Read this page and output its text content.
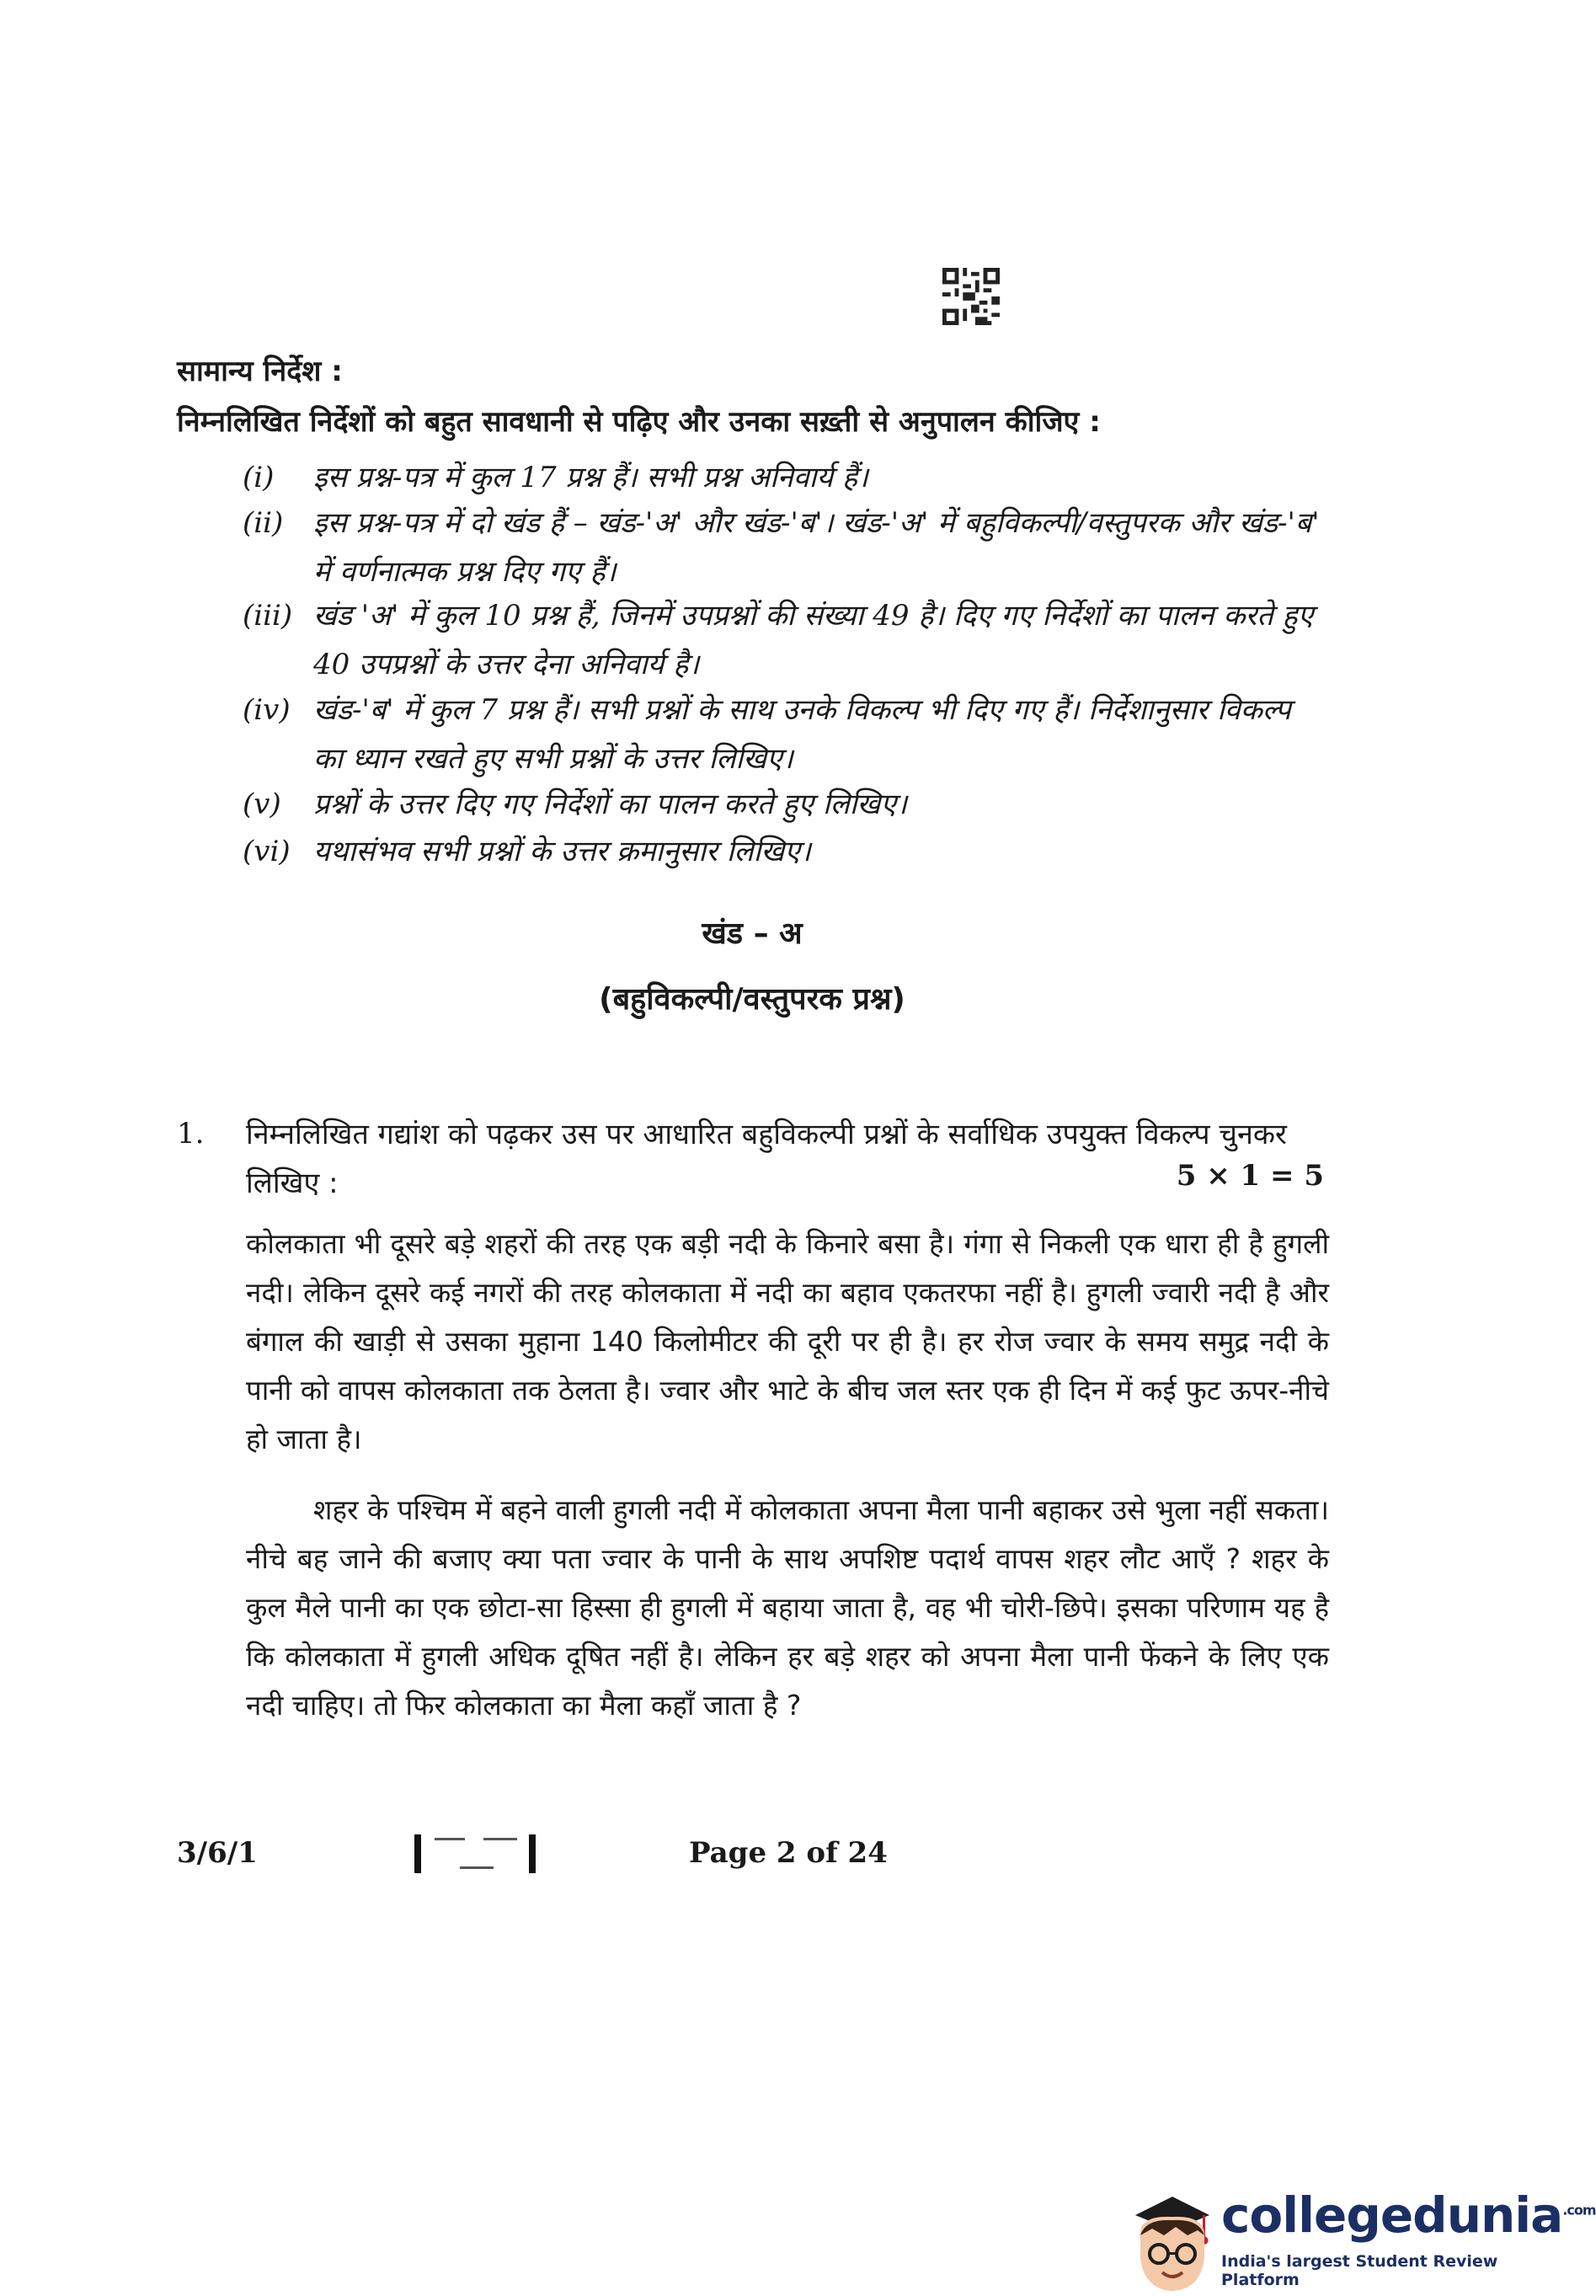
सामान्य निर्देश :
निम्नलिखित निर्देशों को बहुत सावधानी से पढ़िए और उनका सख़्ती से अनुपालन कीजिए :
(i)	इस प्रश्न-पत्र में कुल 17 प्रश्न हैं। सभी प्रश्न अनिवार्य हैं।
(ii)	इस प्रश्न-पत्र में दो खंड हैं – खंड-'अ' और खंड-'ब'। खंड-'अ' में बहुविकल्पी/वस्तुपरक और खंड-'ब' में वर्णनात्मक प्रश्न दिए गए हैं।
(iii) खंड 'अ' में कुल 10 प्रश्न हैं, जिनमें उपप्रश्नों की संख्या 49 है। दिए गए निर्देशों का पालन करते हुए 40 उपप्रश्नों के उत्तर देना अनिवार्य है।
(iv) खंड-'ब' में कुल 7 प्रश्न हैं। सभी प्रश्नों के साथ उनके विकल्प भी दिए गए हैं। निर्देशानुसार विकल्प का ध्यान रखते हुए सभी प्रश्नों के उत्तर लिखिए।
(v)	प्रश्नों के उत्तर दिए गए निर्देशों का पालन करते हुए लिखिए।
(vi) यथासंभव सभी प्रश्नों के उत्तर क्रमानुसार लिखिए।
खंड – अ
(बहुविकल्पी/वस्तुपरक प्रश्न)
1. निम्नलिखित गद्यांश को पढ़कर उस पर आधारित बहुविकल्पी प्रश्नों के सर्वाधिक उपयुक्त विकल्प चुनकर लिखिए :	5 × 1 = 5
कोलकाता भी दूसरे बड़े शहरों की तरह एक बड़ी नदी के किनारे बसा है। गंगा से निकली एक धारा ही है हुगली नदी। लेकिन दूसरे कई नगरों की तरह कोलकाता में नदी का बहाव एकतरफा नहीं है। हुगली ज्वारी नदी है और बंगाल की खाड़ी से उसका मुहाना 140 किलोमीटर की दूरी पर ही है। हर रोज ज्वार के समय समुद्र नदी के पानी को वापस कोलकाता तक ठेलता है। ज्वार और भाटे के बीच जल स्तर एक ही दिन में कई फुट ऊपर-नीचे हो जाता है।
शहर के पश्चिम में बहने वाली हुगली नदी में कोलकाता अपना मैला पानी बहाकर उसे भुला नहीं सकता। नीचे बह जाने की बजाए क्या पता ज्वार के पानी के साथ अपशिष्ट पदार्थ वापस शहर लौट आएँ ? शहर के कुल मैले पानी का एक छोटा-सा हिस्सा ही हुगली में बहाया जाता है, वह भी चोरी-छिपे। इसका परिणाम यह है कि कोलकाता में हुगली अधिक दूषित नहीं है। लेकिन हर बड़े शहर को अपना मैला पानी फेंकने के लिए एक नदी चाहिए। तो फिर कोलकाता का मैला कहाँ जाता है ?
3/6/1	Page 2 of 24
collegedunia$^{.com}$
India's largest Student Review Platform
